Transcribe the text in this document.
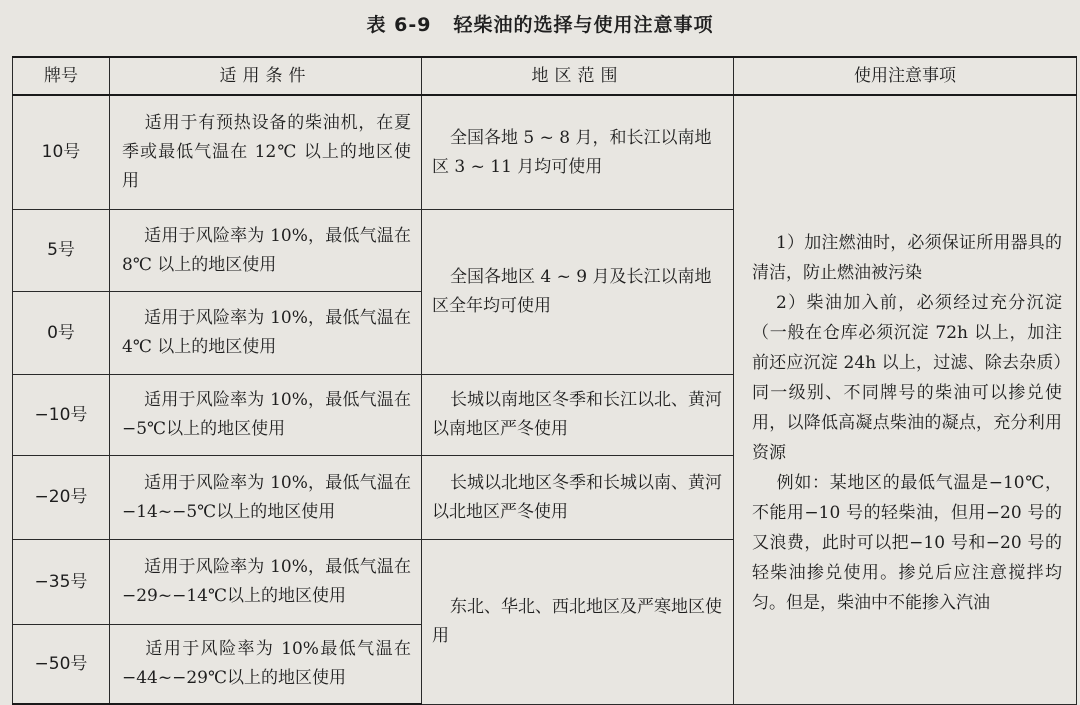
表 6-9 轻柴油的选择与使用注意事项
牌号	适用条件	地区范围	使用注意事项
10号	适用于有预热设备的柴油机，在夏季或最低气温在 12℃ 以上的地区使用	全国各地 5 ~ 8 月，和长江以南地区 3 ~ 11 月均可使用	1）加注燃油时，必须保证所用器具的清洁，防止燃油被污染

2）柴油加入前，必须经过充分沉淀（一般在仓库必须沉淀 72h 以上，加注前还应沉淀 24h 以上，过滤、除去杂质）同一级别、不同牌号的柴油可以掺兑使用，以降低高凝点柴油的凝点，充分利用资源

例如：某地区的最低气温是−10℃，不能用−10 号的轻柴油，但用−20 号的又浪费，此时可以把−10 号和−20 号的轻柴油掺兑使用。掺兑后应注意搅拌均匀。但是，柴油中不能掺入汽油

5号	适用于风险率为 10%，最低气温在 8℃ 以上的地区使用	全国各地区 4 ~ 9 月及长江以南地区全年均可使用	
0号	适用于风险率为 10%，最低气温在 4℃ 以上的地区使用		
−10号	适用于风险率为 10%，最低气温在−5℃以上的地区使用	长城以南地区冬季和长江以北、黄河以南地区严冬使用	
−20号	适用于风险率为 10%，最低气温在−14~−5℃以上的地区使用	长城以北地区冬季和长城以南、黄河以北地区严冬使用	
−35号	适用于风险率为 10%，最低气温在−29~−14℃以上的地区使用	东北、华北、西北地区及严寒地区使用	
−50号	适用于风险率为 10%最低气温在−44~−29℃以上的地区使用		
